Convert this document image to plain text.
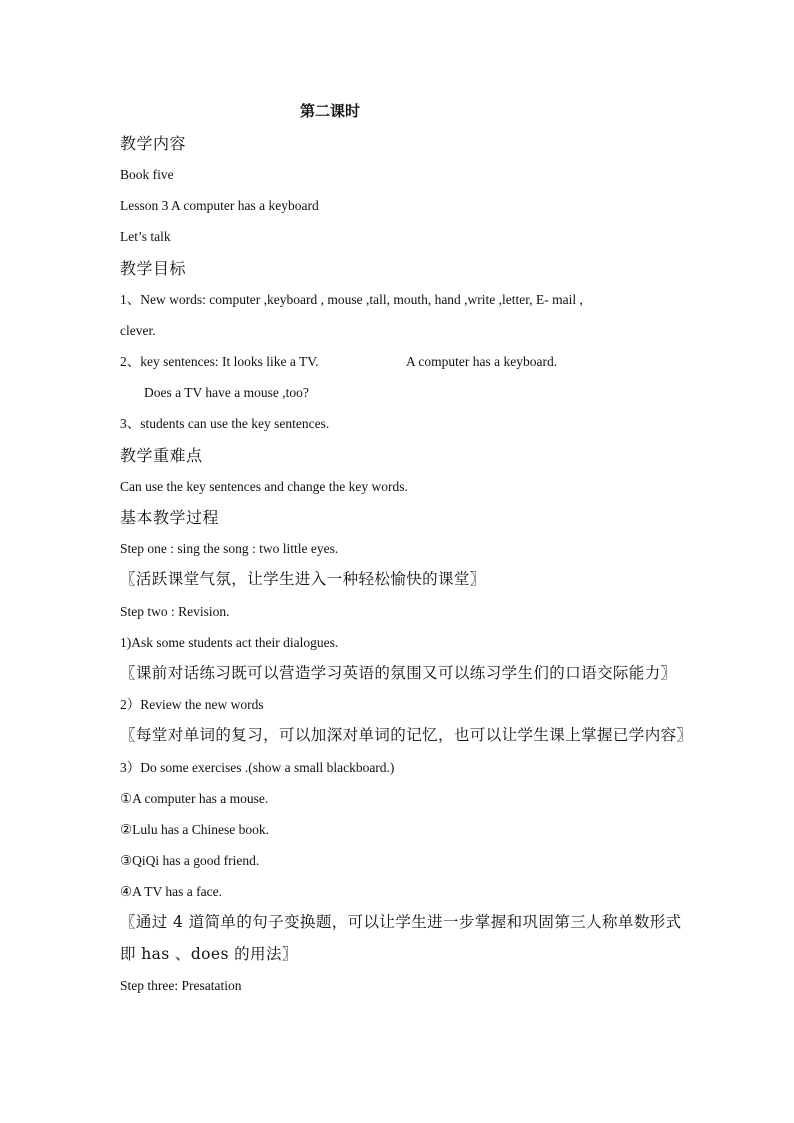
第二课时
教学内容
Book five
Lesson 3 A computer has a keyboard
Let’s talk
教学目标
1、New words: computer ,keyboard , mouse ,tall, mouth, hand ,write ,letter, E- mail ,
clever.
2、key sentences: It looks like a TV.	A computer has a keyboard.
Does a TV have a mouse ,too?
3、students can use the key sentences.
教学重难点
Can use the key sentences and change the key words.
基本教学过程
Step one : sing the song : two little eyes.
〖活跃课堂气氛，让学生进入一种轻松愉快的课堂〗
Step two : Revision.
1)Ask some students act their dialogues.
〖课前对话练习既可以营造学习英语的氛围又可以练习学生们的口语交际能力〗
2）Review the new words
〖每堂对单词的复习，可以加深对单词的记忆，也可以让学生课上掌握已学内容〗
3）Do some exercises .(show a small blackboard.)
①A computer has a mouse.
②Lulu has a Chinese book.
③QiQi has a good friend.
④A TV has a face.
〖通过 4 道简单的句子变换题，可以让学生进一步掌握和巩固第三人称单数形式
即 has 、does 的用法〗
Step three: Presatation
